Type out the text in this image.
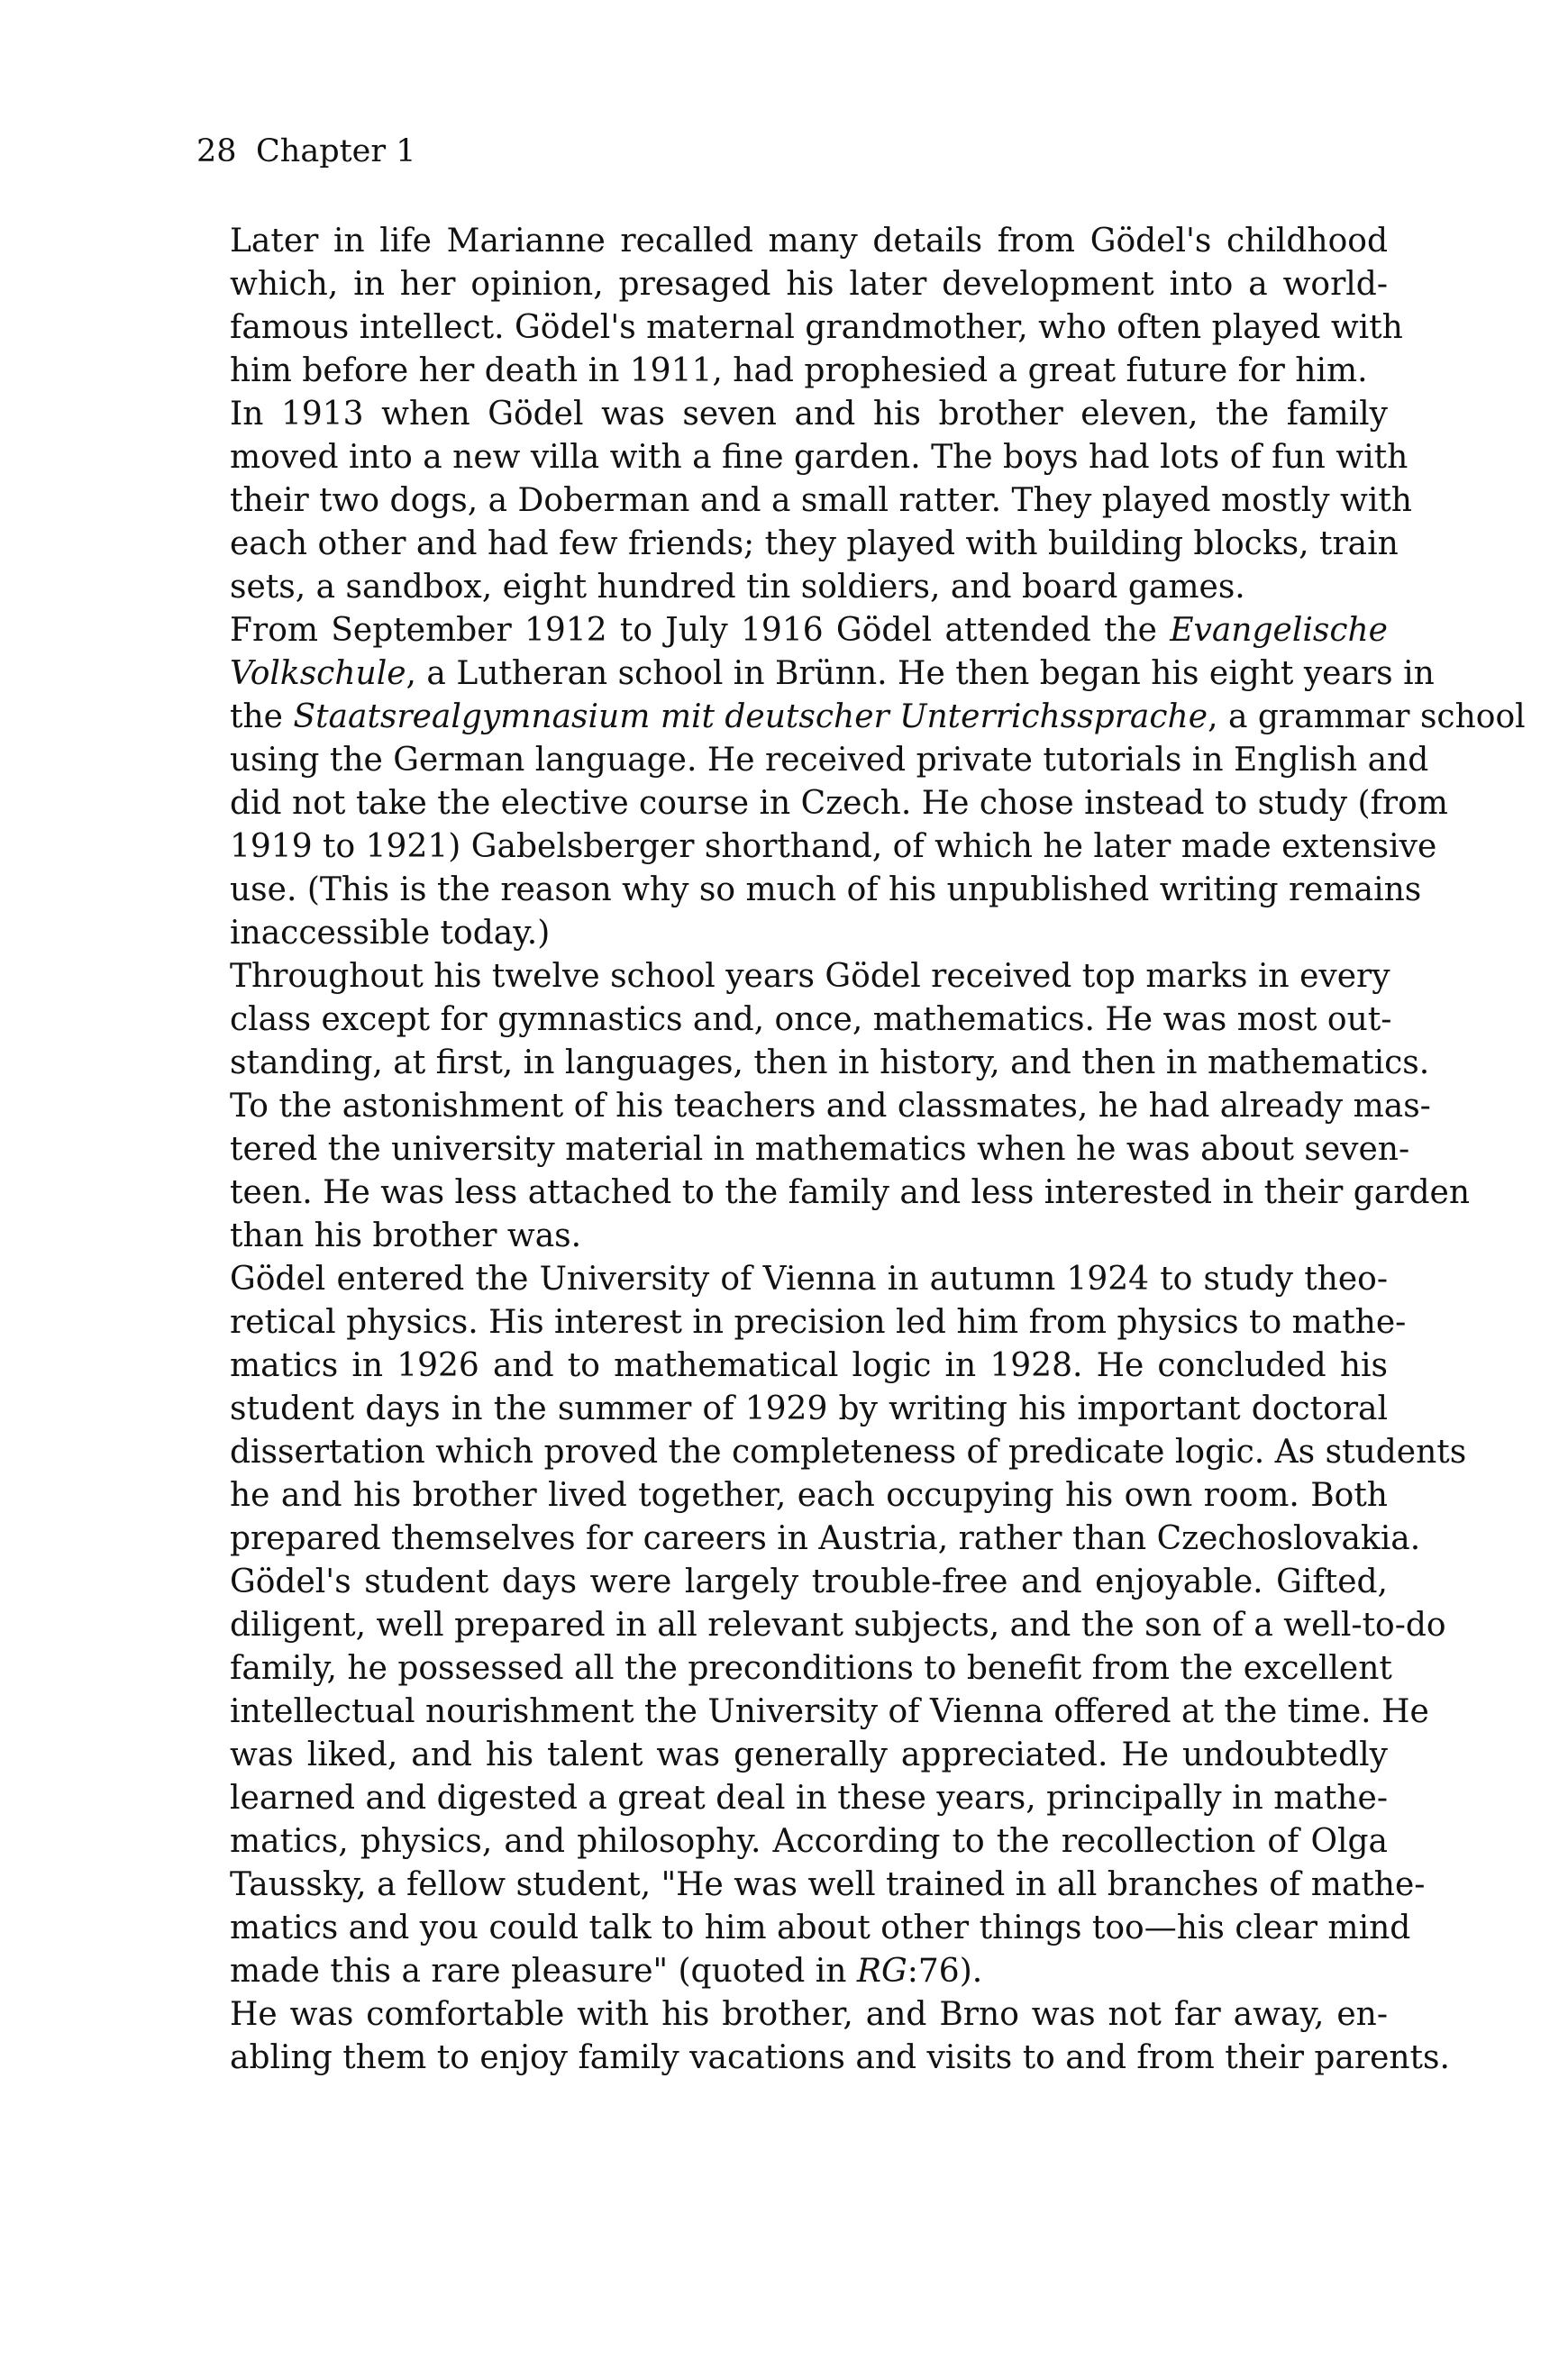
28 Chapter 1
Later in life Marianne recalled many details from Gödel's childhood
which, in her opinion, presaged his later development into a world-
famous intellect. Gödel's maternal grandmother, who often played with
him before her death in 1911, had prophesied a great future for him.
In 1913 when Gödel was seven and his brother eleven, the family
moved into a new villa with a fine garden. The boys had lots of fun with
their two dogs, a Doberman and a small ratter. They played mostly with
each other and had few friends; they played with building blocks, train
sets, a sandbox, eight hundred tin soldiers, and board games.
From September 1912 to July 1916 Gödel attended the Evangelische
Volkschule, a Lutheran school in Brünn. He then began his eight years in
the Staatsrealgymnasium mit deutscher Unterrichssprache, a grammar school
using the German language. He received private tutorials in English and
did not take the elective course in Czech. He chose instead to study (from
1919 to 1921) Gabelsberger shorthand, of which he later made extensive
use. (This is the reason why so much of his unpublished writing remains
inaccessible today.)
Throughout his twelve school years Gödel received top marks in every
class except for gymnastics and, once, mathematics. He was most out-
standing, at first, in languages, then in history, and then in mathematics.
To the astonishment of his teachers and classmates, he had already mas-
tered the university material in mathematics when he was about seven-
teen. He was less attached to the family and less interested in their garden
than his brother was.
Gödel entered the University of Vienna in autumn 1924 to study theo-
retical physics. His interest in precision led him from physics to mathe-
matics in 1926 and to mathematical logic in 1928. He concluded his
student days in the summer of 1929 by writing his important doctoral
dissertation which proved the completeness of predicate logic. As students
he and his brother lived together, each occupying his own room. Both
prepared themselves for careers in Austria, rather than Czechoslovakia.
Gödel's student days were largely trouble-free and enjoyable. Gifted,
diligent, well prepared in all relevant subjects, and the son of a well-to-do
family, he possessed all the preconditions to benefit from the excellent
intellectual nourishment the University of Vienna offered at the time. He
was liked, and his talent was generally appreciated. He undoubtedly
learned and digested a great deal in these years, principally in mathe-
matics, physics, and philosophy. According to the recollection of Olga
Taussky, a fellow student, "He was well trained in all branches of mathe-
matics and you could talk to him about other things too—his clear mind
made this a rare pleasure" (quoted in RG:76).
He was comfortable with his brother, and Brno was not far away, en-
abling them to enjoy family vacations and visits to and from their parents.
